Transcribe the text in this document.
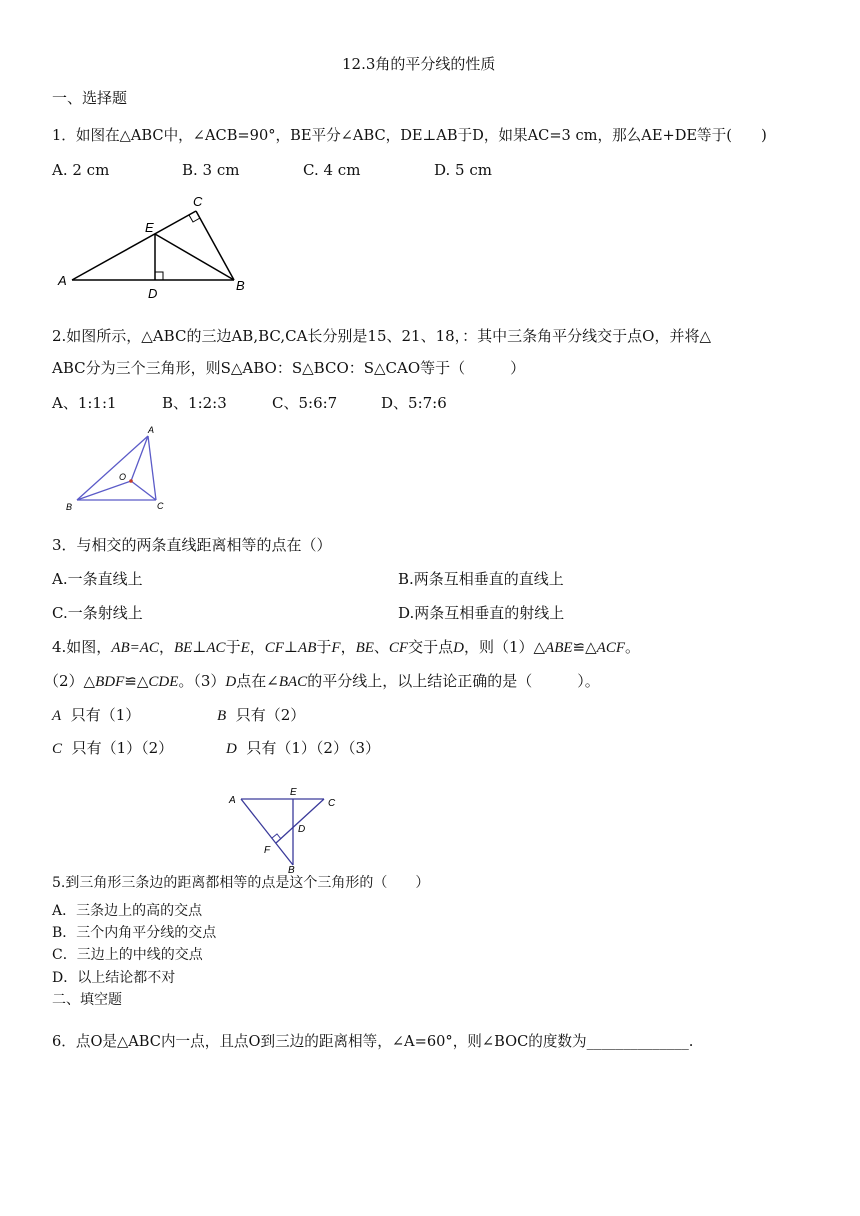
12.3角的平分线的性质
一、选择题
1．如图在△ABC中，∠ACB=90°，BE平分∠ABC，DE⊥AB于D，如果AC=3 cm，那么AE+DE等于(　　)
A. 2 cm	B. 3 cm	C. 4 cm	D. 5 cm
A	B
C
D
E
2.如图所示，△ABC的三边AB,BC,CA长分别是15、21、18，：其中三条角平分线交于点O，并将△
ABC分为三个三角形，则S△ABO：S△BCO：S△CAO等于（　　　）
A、1:1:1	B、1:2:3	C、5:6:7	D、5:7:6
A
B	C
O
3．与相交的两条直线距离相等的点在（）
A.一条直线上	B.两条互相垂直的直线上
C.一条射线上	D.两条互相垂直的射线上
4.如图，AB=AC，BE⊥AC于E，CF⊥AB于F，BE、CF交于点D，则（1）△ABE≌△ACF。
（2）△BDF≌△CDE。（3）D点在∠BAC的平分线上，以上结论正确的是（　　　）。
A 只有（1）	B 只有（2）
C 只有（1）（2）	D 只有（1）（2）（3）
A
B
C
D
E
F
5.到三角形三条边的距离都相等的点是这个三角形的（　　）
A．三条边上的高的交点
B．三个内角平分线的交点
C．三边上的中线的交点
D．以上结论都不对
二、填空题
6．点O是△ABC内一点，且点O到三边的距离相等，∠A=60°，则∠BOC的度数为______________.
